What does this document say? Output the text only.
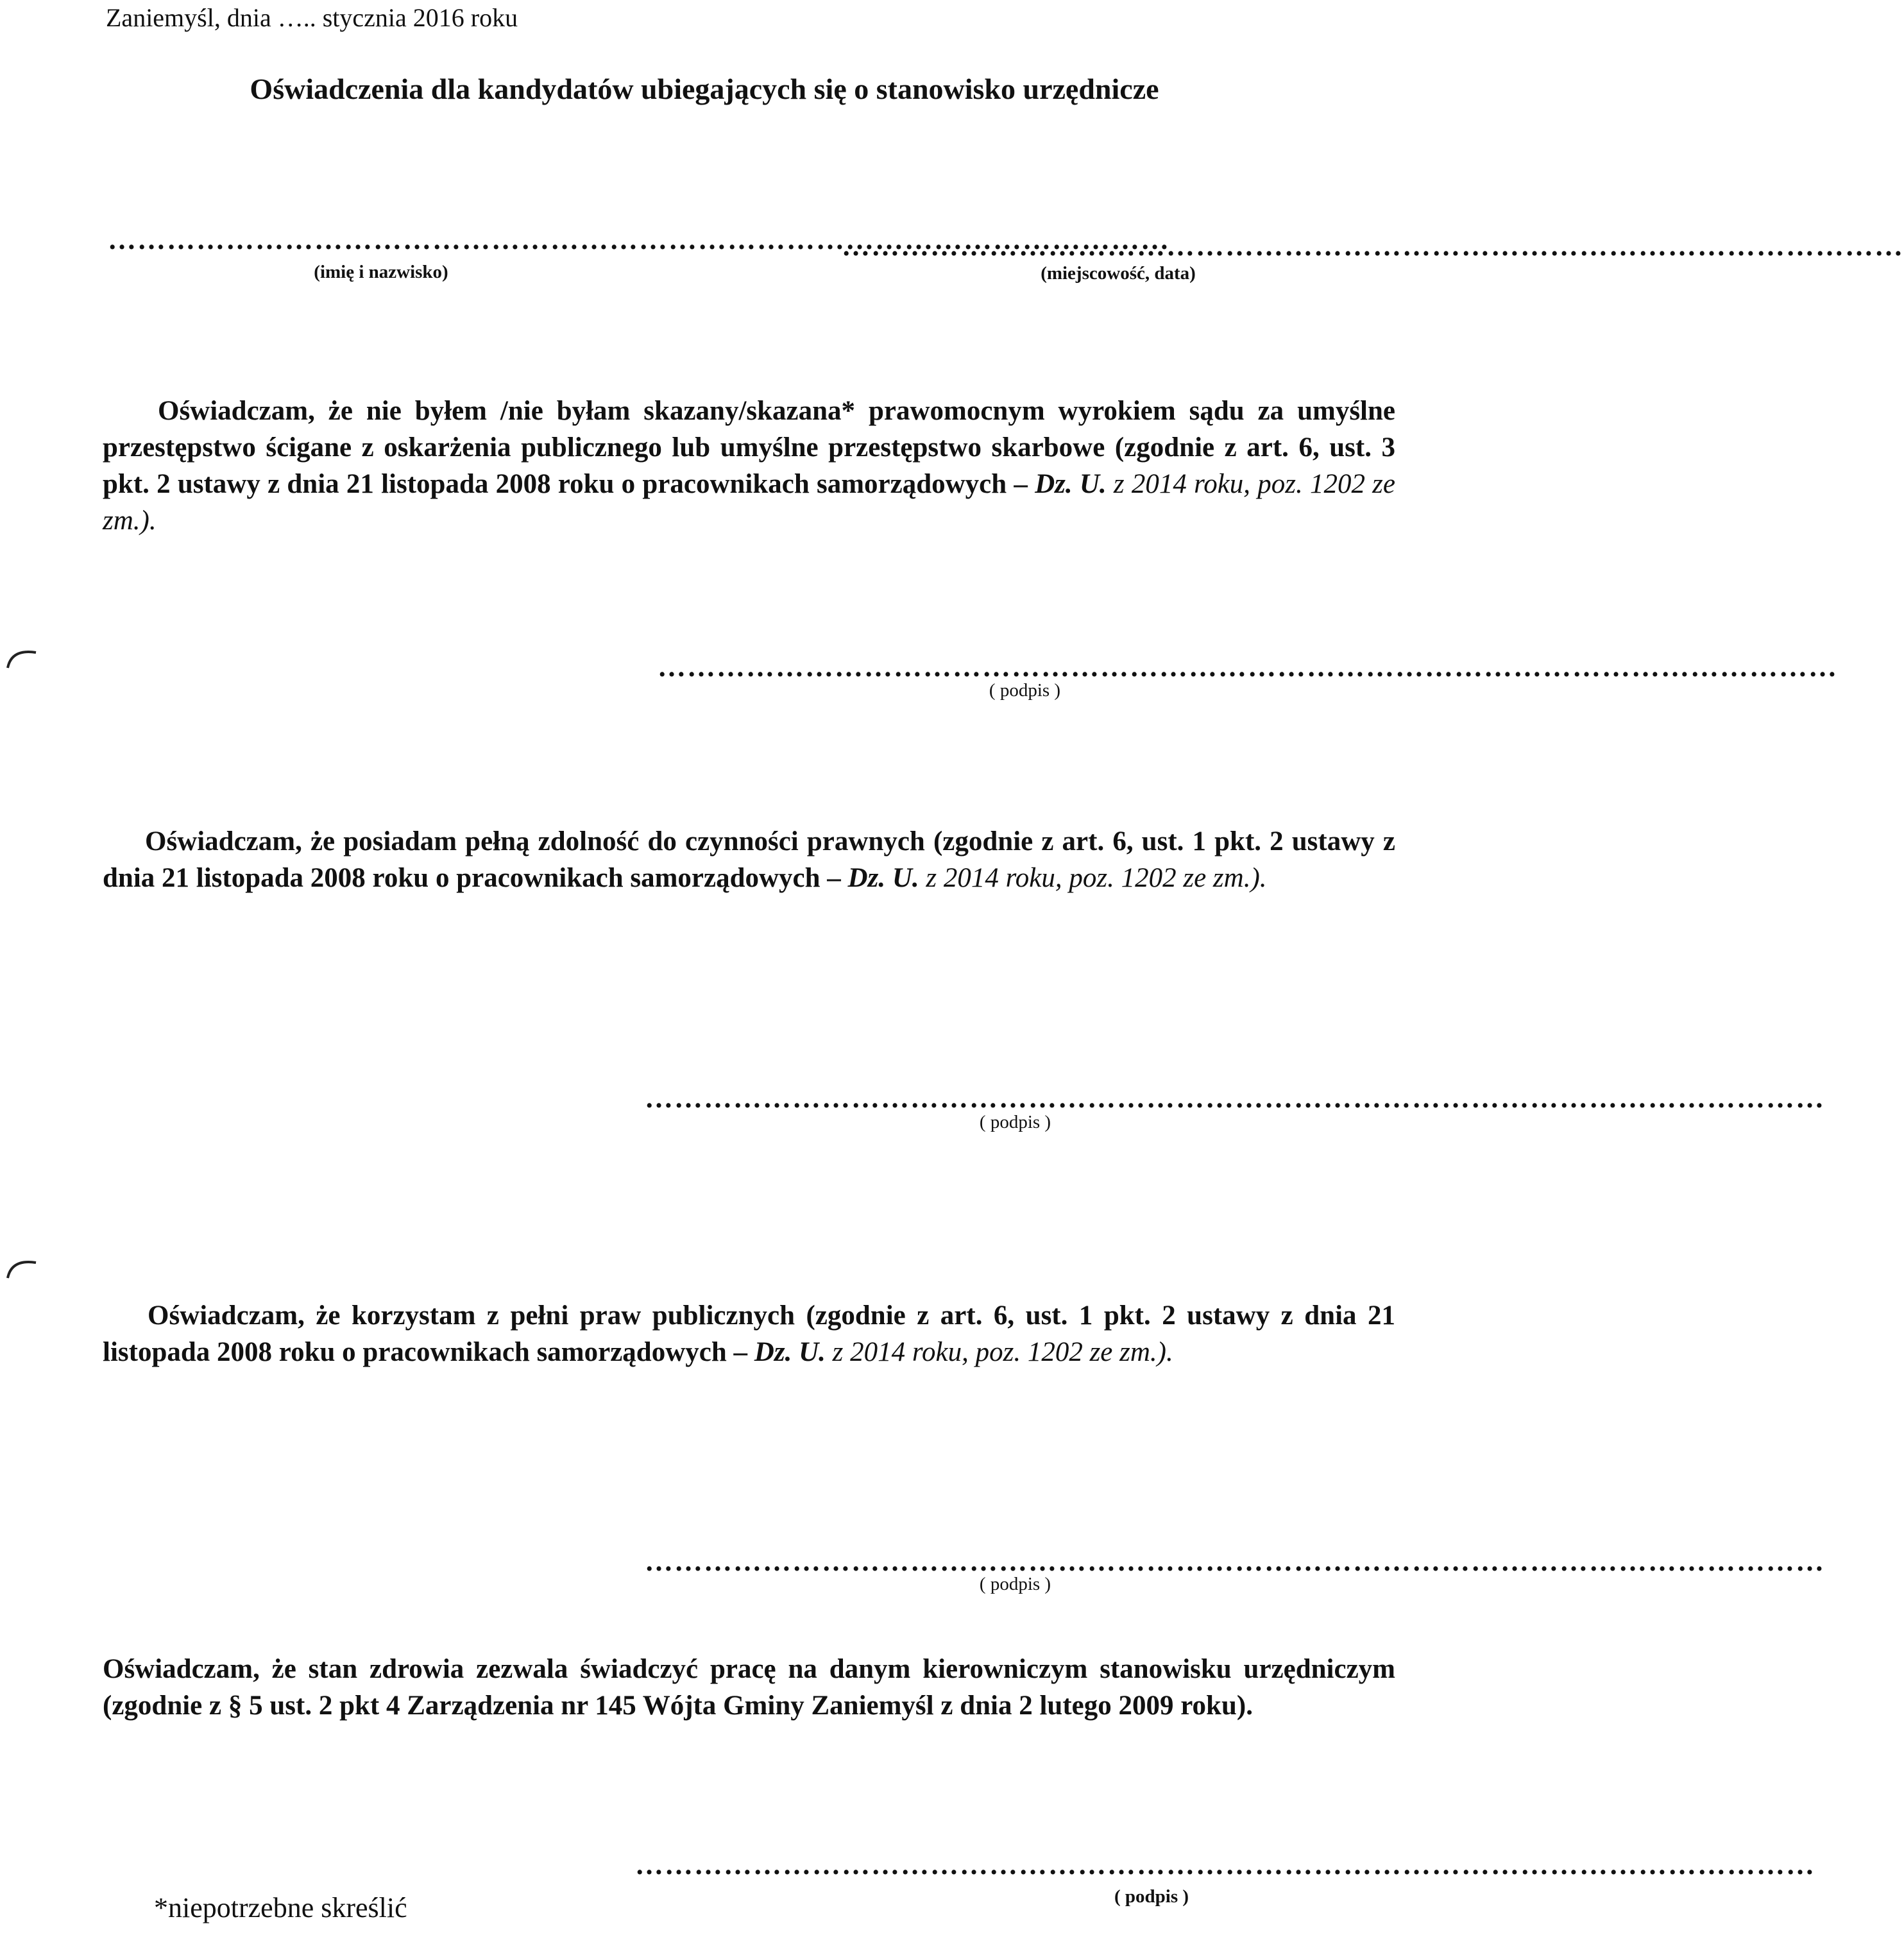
Zaniemyśl, dnia ….. stycznia 2016 roku
Oświadczenia dla kandydatów ubiegających się o stanowisko urzędnicze
………………………………………………………………………………………………
(imię i nazwisko)
………………………………………………………………………………………………
(miejscowość, data)
Oświadczam, że nie byłem /nie byłam skazany/skazana* prawomocnym wyrokiem sądu za umyślne przestępstwo ścigane z oskarżenia publicznego lub umyślne przestępstwo skarbowe (zgodnie z art. 6, ust. 3 pkt. 2 ustawy z dnia 21 listopada 2008 roku o pracownikach samorządowych – Dz. U. z 2014 roku, poz. 1202 ze zm.).
…………………………………………………………………………………………………………
( podpis )
Oświadczam, że posiadam pełną zdolność do czynności prawnych (zgodnie z art. 6, ust. 1 pkt. 2 ustawy z dnia 21 listopada 2008 roku o pracownikach samorządowych – Dz. U. z 2014 roku, poz. 1202 ze zm.).
…………………………………………………………………………………………………………
( podpis )
Oświadczam, że korzystam z pełni praw publicznych (zgodnie z art. 6, ust. 1 pkt. 2 ustawy z dnia 21 listopada 2008 roku o pracownikach samorządowych – Dz. U. z 2014 roku, poz. 1202 ze zm.).
…………………………………………………………………………………………………………
( podpis )
Oświadczam, że stan zdrowia zezwala świadczyć pracę na danym kierowniczym stanowisku urzędniczym (zgodnie z § 5 ust. 2 pkt 4 Zarządzenia nr 145 Wójta Gminy Zaniemyśl z dnia 2 lutego 2009 roku).
…………………………………………………………………………………………………………
( podpis )
*niepotrzebne skreślić
